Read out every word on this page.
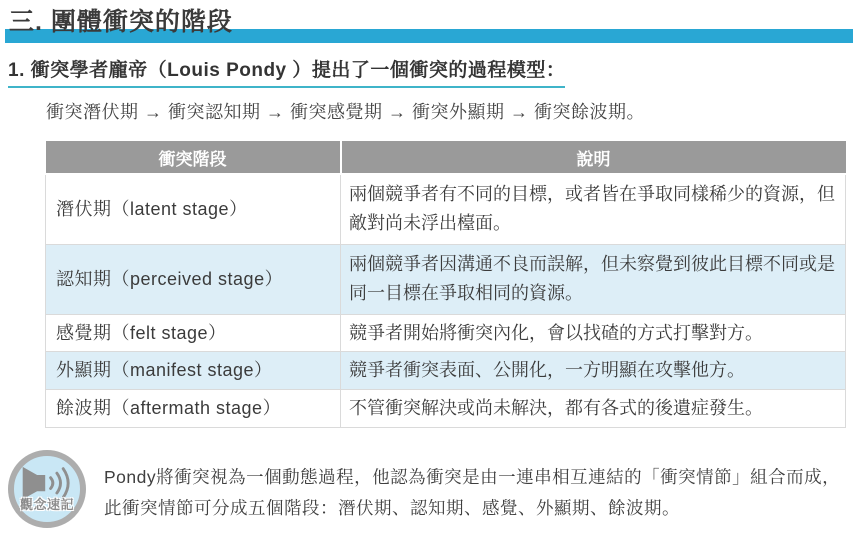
三. 團體衝突的階段
1. 衝突學者龐帝（Louis Pondy ）提出了一個衝突的過程模型：
衝突潛伏期 → 衝突認知期 → 衝突感覺期 → 衝突外顯期 → 衝突餘波期。
衝突階段	說明
潛伏期（latent stage）	兩個競爭者有不同的目標，或者皆在爭取同樣稀少的資源，但敵對尚未浮出檯面。
認知期（perceived stage）	兩個競爭者因溝通不良而誤解，但未察覺到彼此目標不同或是同一目標在爭取相同的資源。
感覺期（felt stage）	競爭者開始將衝突內化，會以找碴的方式打擊對方。
外顯期（manifest stage）	競爭者衝突表面、公開化，一方明顯在攻擊他方。
餘波期（aftermath stage）	不管衝突解決或尚未解決，都有各式的後遺症發生。
觀念速記
Pondy將衝突視為一個動態過程，他認為衝突是由一連串相互連結的「衝突情節」組合而成，此衝突情節可分成五個階段：潛伏期、認知期、感覺、外顯期、餘波期。
